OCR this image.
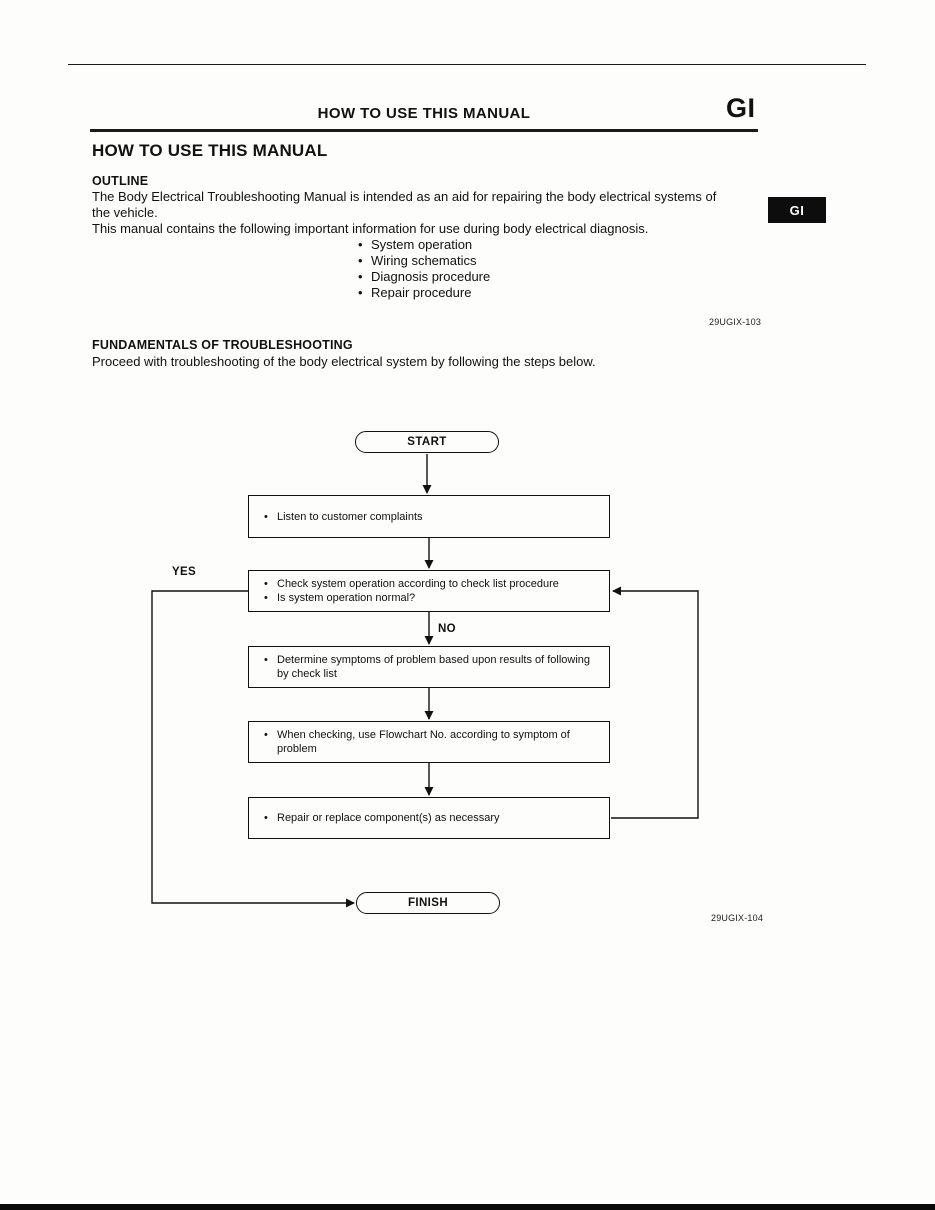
HOW TO USE THIS MANUAL	GI
HOW TO USE THIS MANUAL
OUTLINE
The Body Electrical Troubleshooting Manual is intended as an aid for repairing the body electrical systems of the vehicle.
This manual contains the following important information for use during body electrical diagnosis.
• System operation
• Wiring schematics
• Diagnosis procedure
• Repair procedure
GI
29UGIX-103
FUNDAMENTALS OF TROUBLESHOOTING
Proceed with troubleshooting of the body electrical system by following the steps below.
START
• Listen to customer complaints
YES
• Check system operation according to check list procedure
• Is system operation normal?
NO
• Determine symptoms of problem based upon results of following by check list
• When checking, use Flowchart No. according to symptom of problem
• Repair or replace component(s) as necessary
FINISH
29UGIX-104
